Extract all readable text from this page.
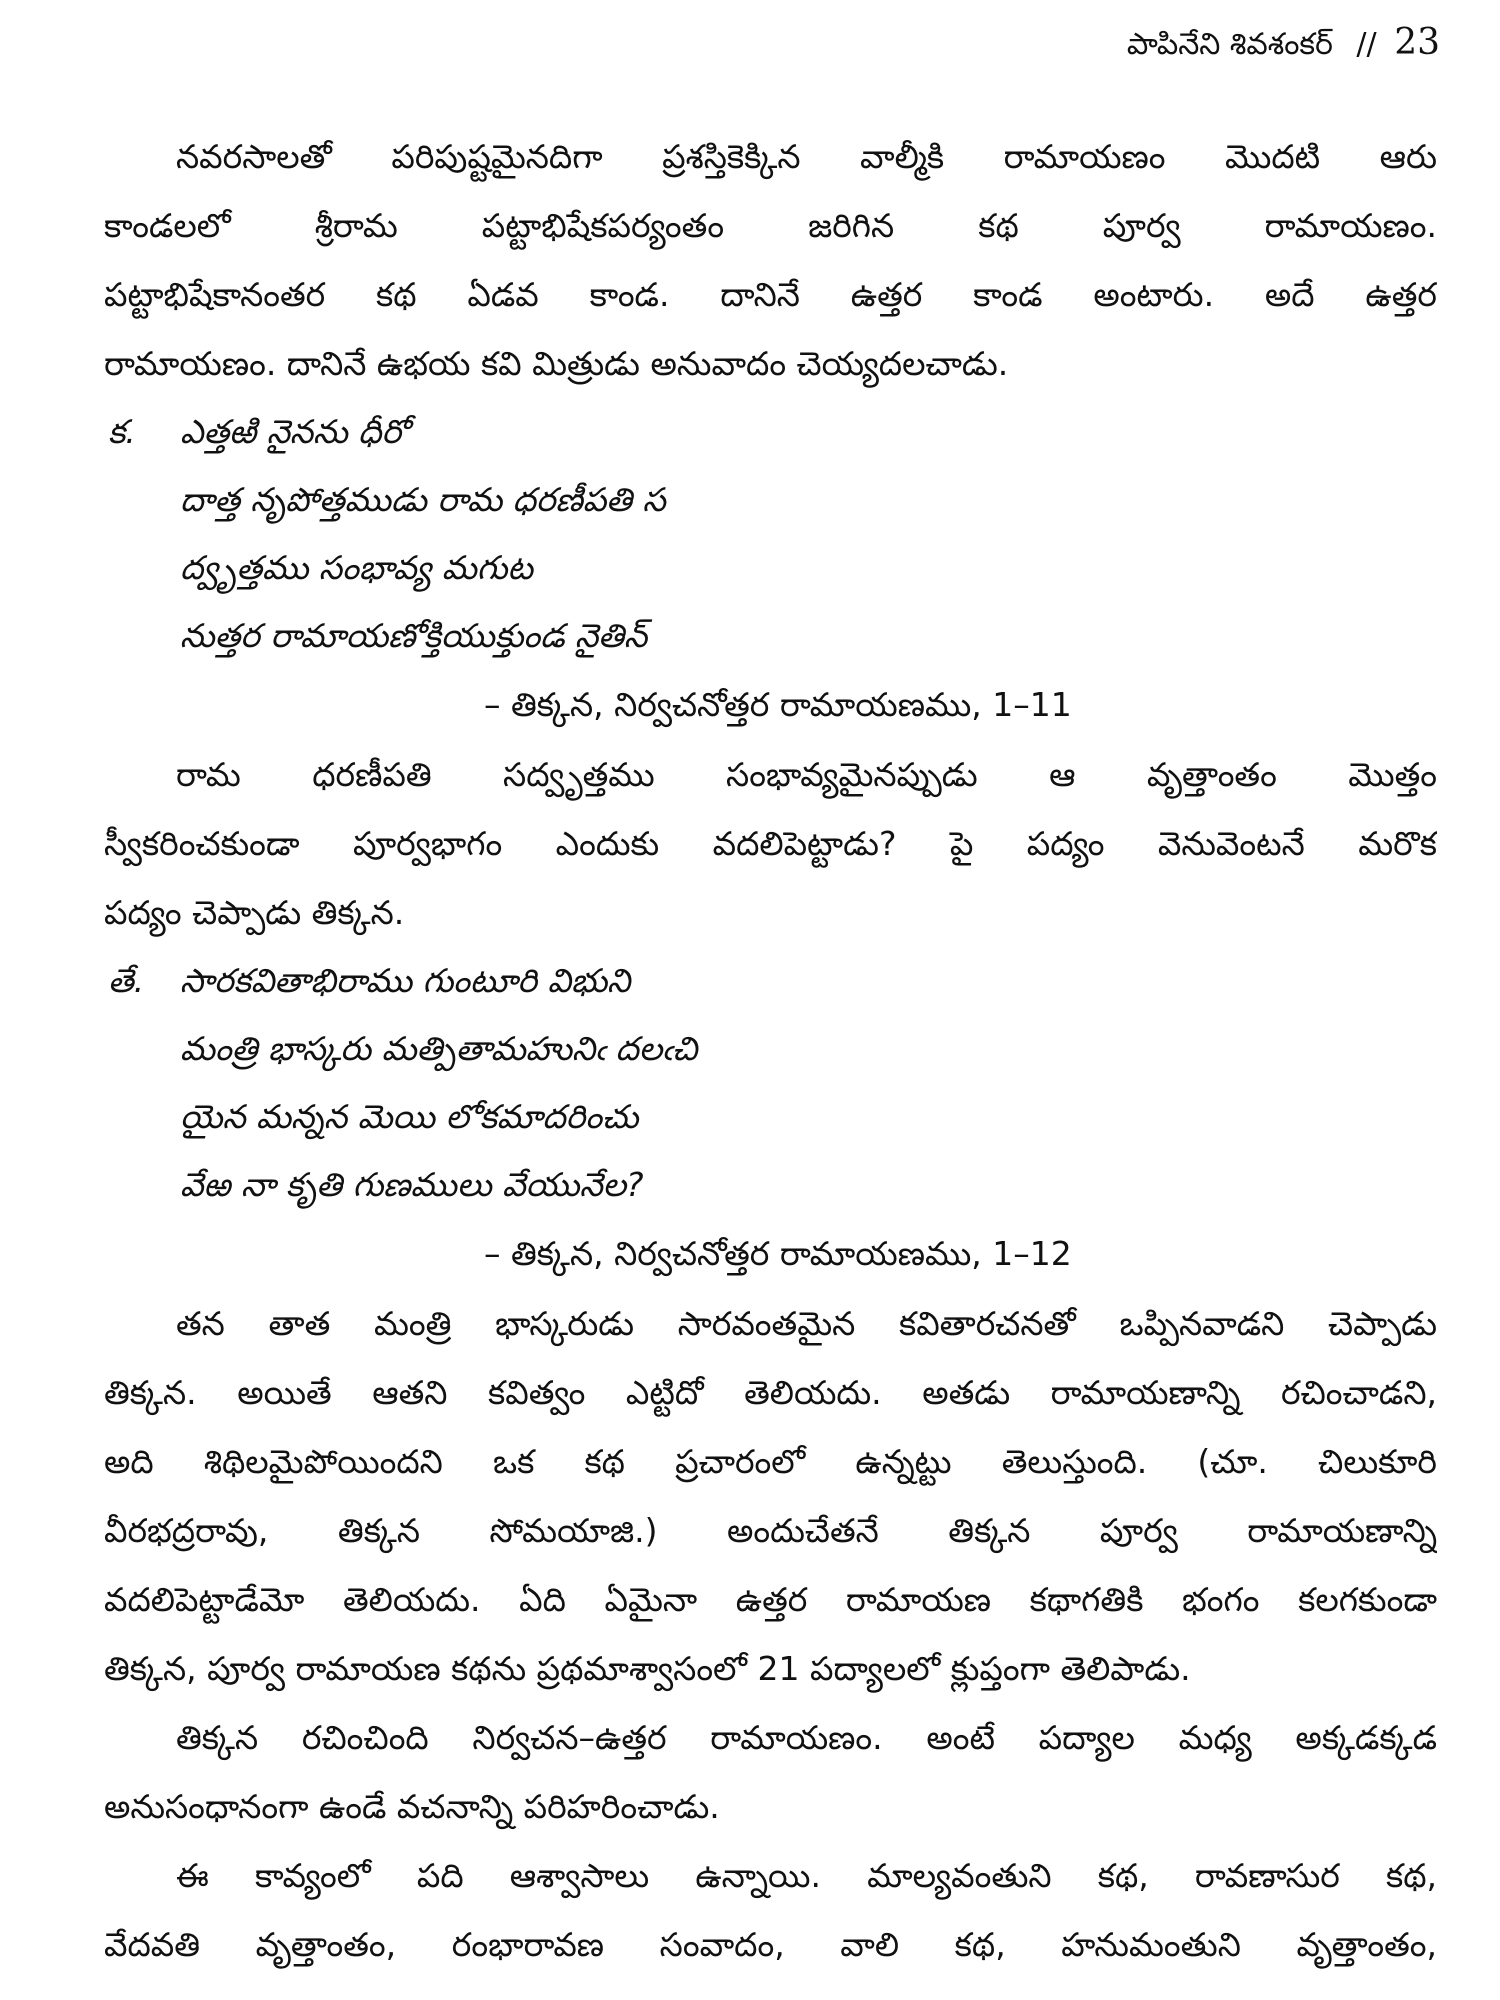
పాపినేని శివశంకర్ // 23

నవరసాలతో పరిపుష్టమైనదిగా ప్రశస్తికెక్కిన వాల్మీకి రామాయణం మొదటి ఆరు
కాండలలో శ్రీరామ పట్టాభిషేకపర్యంతం జరిగిన కథ పూర్వ రామాయణం.
పట్టాభిషేకానంతర కథ ఏడవ కాండ. దానినే ఉత్తర కాండ అంటారు. అదే ఉత్తర
రామాయణం. దానినే ఉభయ కవి మిత్రుడు అనువాదం చెయ్యదలచాడు.

క. ఎత్తఱి నైనను ధీరో
దాత్త నృపోత్తముడు రామ ధరణీపతి స
ద్వృత్తము సంభావ్య మగుట
నుత్తర రామాయణోక్తియుక్తుండ నైతిన్

– తిక్కన, నిర్వచనోత్తర రామాయణము, 1–11

రామ ధరణీపతి సద్వృత్తము సంభావ్యమైనప్పుడు ఆ వృత్తాంతం మొత్తం
స్వీకరించకుండా పూర్వభాగం ఎందుకు వదలిపెట్టాడు? పై పద్యం వెనువెంటనే మరొక
పద్యం చెప్పాడు తిక్కన.

తే. సారకవితాభిరాము గుంటూరి విభుని
మంత్రి భాస్కరు మత్పితామహునిఁ దలఁచి
యైన మన్నన మెయి లోకమాదరించు
వేఱ నా కృతి గుణములు వేయునేల?

– తిక్కన, నిర్వచనోత్తర రామాయణము, 1–12

తన తాత మంత్రి భాస్కరుడు సారవంతమైన కవితారచనతో ఒప్పినవాడని చెప్పాడు
తిక్కన. అయితే ఆతని కవిత్వం ఎట్టిదో తెలియదు. అతడు రామాయణాన్ని రచించాడని,
అది శిథిలమైపోయిందని ఒక కథ ప్రచారంలో ఉన్నట్టు తెలుస్తుంది. (చూ. చిలుకూరి
వీరభద్రరావు, తిక్కన సోమయాజి.) అందుచేతనే తిక్కన పూర్వ రామాయణాన్ని
వదలిపెట్టాడేమో తెలియదు. ఏది ఏమైనా ఉత్తర రామాయణ కథాగతికి భంగం కలగకుండా
తిక్కన, పూర్వ రామాయణ కథను ప్రథమాశ్వాసంలో 21 పద్యాలలో క్లుప్తంగా తెలిపాడు.

తిక్కన రచించింది నిర్వచన–ఉత్తర రామాయణం. అంటే పద్యాల మధ్య అక్కడక్కడ
అనుసంధానంగా ఉండే వచనాన్ని పరిహరించాడు.

ఈ కావ్యంలో పది ఆశ్వాసాలు ఉన్నాయి. మాల్యవంతుని కథ, రావణాసుర కథ,
వేదవతి వృత్తాంతం, రంభారావణ సంవాదం, వాలి కథ, హనుమంతుని వృత్తాంతం,
